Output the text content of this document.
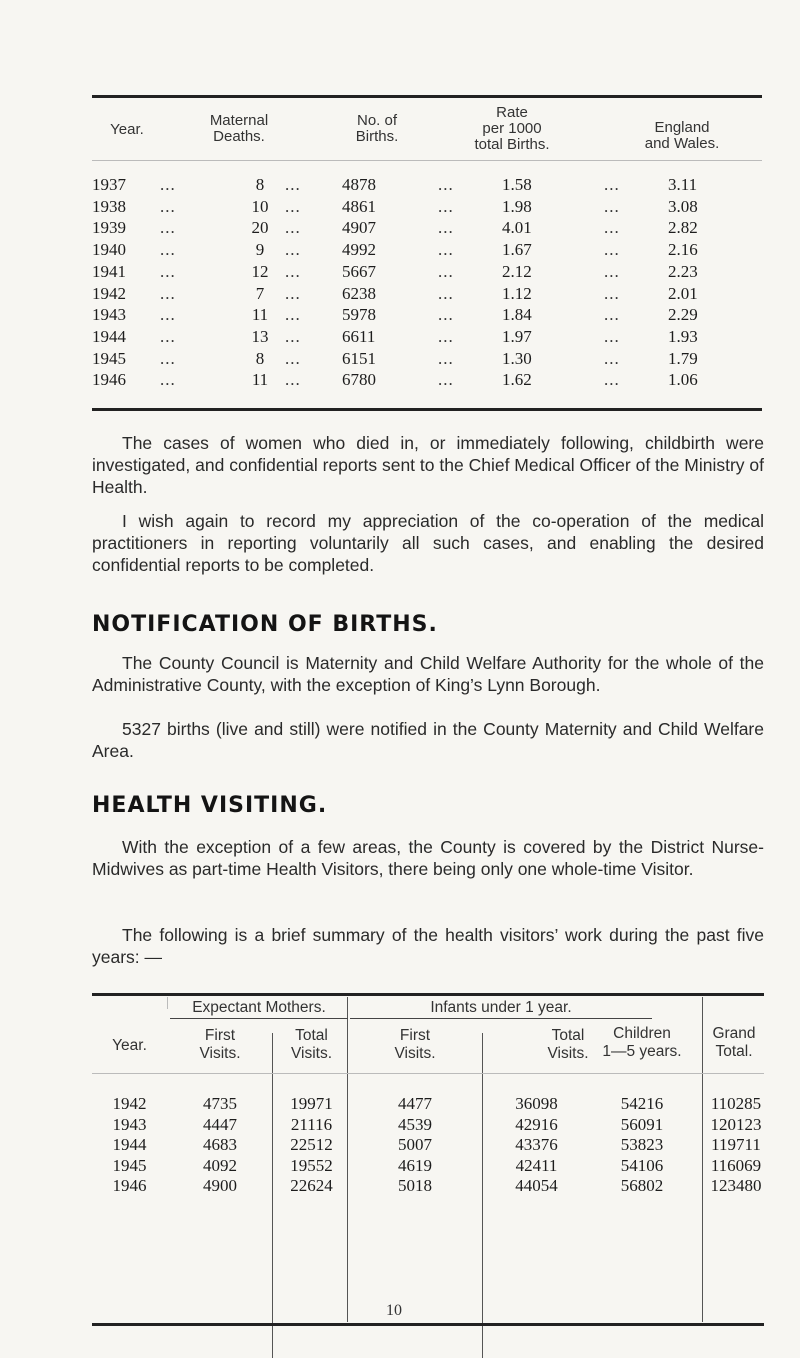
Year.
Maternal
Deaths.
No. of
Births.
Rate
per 1000
total Births.
England
and Wales.
1937	8	4878	1.58	3.11
...	...	...	...
1938	10	4861	1.98	3.08
...	...	...	...
1939	20	4907	4.01	2.82
...	...	...	...
1940	9	4992	1.67	2.16
...	...	...	...
1941	12	5667	2.12	2.23
...	...	...	...
1942	7	6238	1.12	2.01
...	...	...	...
1943	11	5978	1.84	2.29
...	...	...	...
1944	13	6611	1.97	1.93
...	...	...	...
1945	8	6151	1.30	1.79
...	...	...	...
1946	11	6780	1.62	1.06
...	...	...	...

The cases of women who died in, or immediately following, childbirth were investigated, and confidential reports sent to the Chief Medical Officer of the Ministry of Health.

I wish again to record my appreciation of the co-operation of the medical practitioners in reporting voluntarily all such cases, and enabling the desired confidential reports to be completed.

NOTIFICATION OF BIRTHS.

The County Council is Maternity and Child Welfare Authority for the whole of the Administrative County, with the exception of King’s Lynn Borough.

5327 births (live and still) were notified in the County Maternity and Child Welfare Area.

HEALTH VISITING.

With the exception of a few areas, the County is covered by the District Nurse-Midwives as part-time Health Visitors, there being only one whole-time Visitor.

The following is a brief summary of the health visitors’ work during the past five years: —

Expectant Mothers.	Infants under 1 year.
Year.
First
Visits.
Total
Visits.
First
Visits.
Total
Visits.
Children
1—5 years.
Grand
Total.
1942	4735	19971	4477	36098	54216	110285
1943	4447	21116	4539	42916	56091	120123
1944	4683	22512	5007	43376	53823	119711
1945	4092	19552	4619	42411	54106	116069
1946	4900	22624	5018	44054	56802	123480
10
